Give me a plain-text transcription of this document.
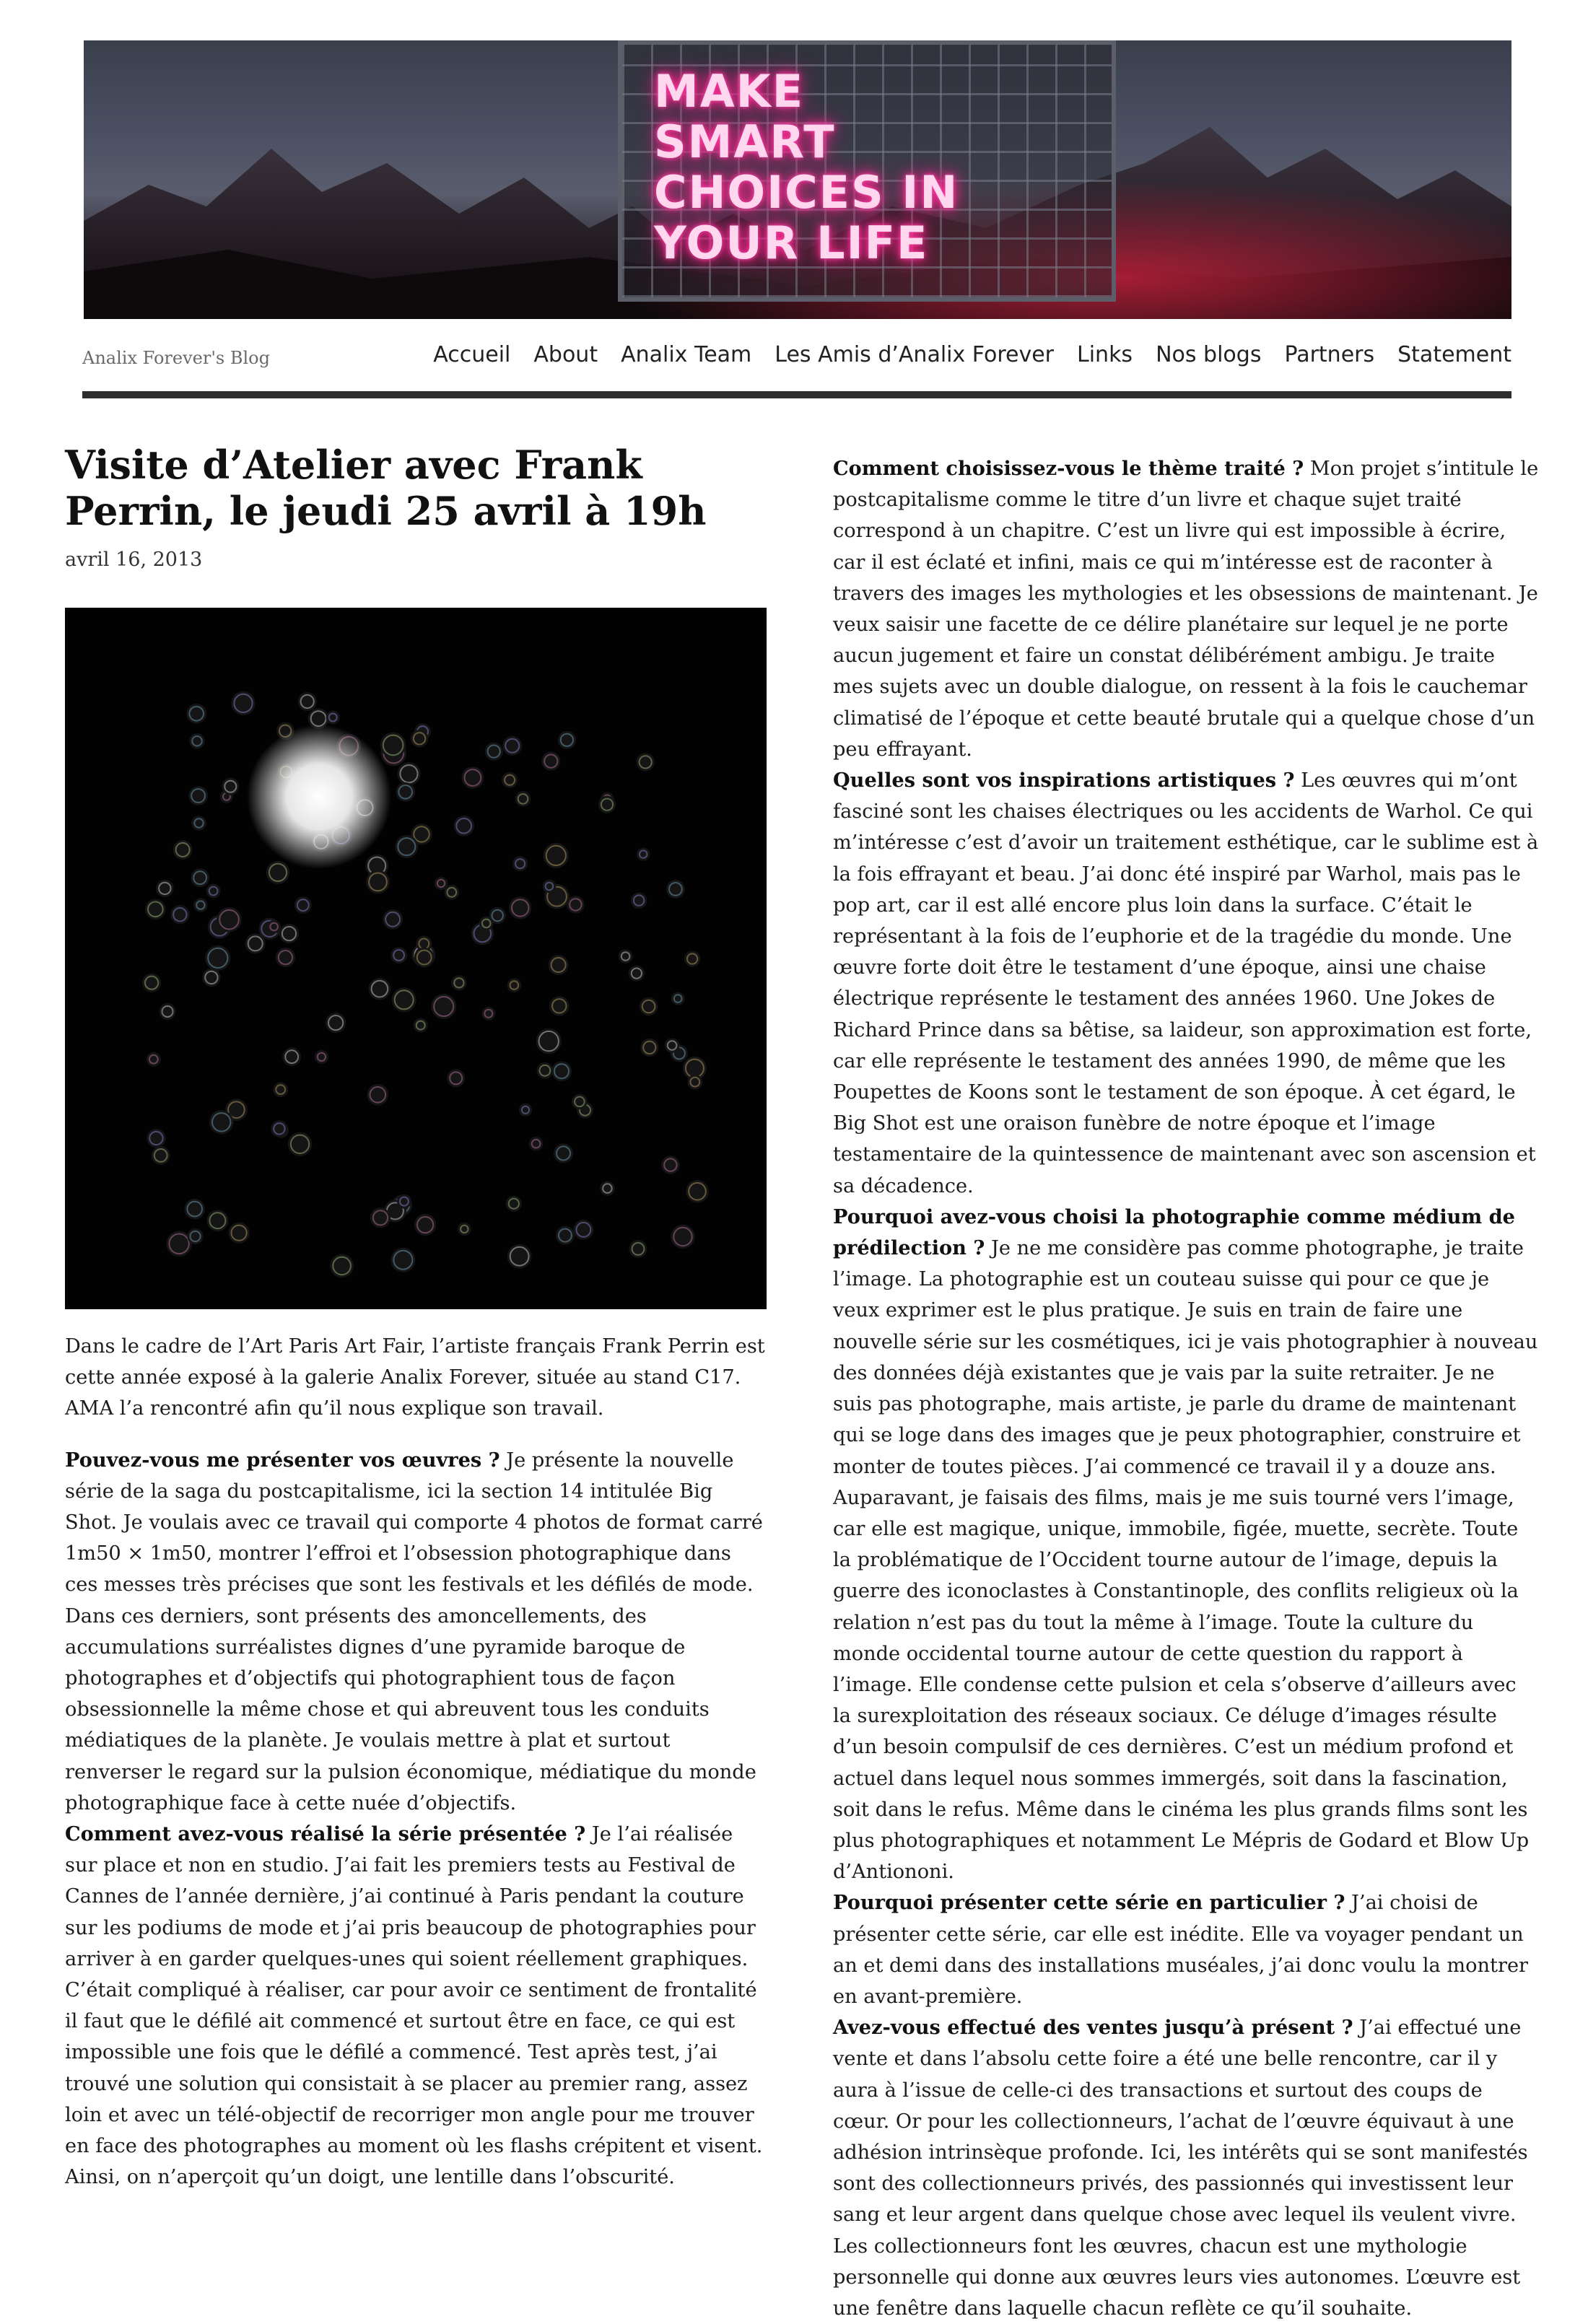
MAKE
SMART
CHOICES IN
YOUR LIFE
Analix Forever's Blog	Accueil About Analix Team Les Amis d’Analix Forever Links Nos blogs Partners Statement
Visite d’Atelier avec Frank Perrin, le jeudi 25 avril à 19h
avril 16, 2013

Dans le cadre de l’Art Paris Art Fair, l’artiste français Frank Perrin est cette année exposé à la galerie Analix Forever, située au stand C17. AMA l’a rencontré afin qu’il nous explique son travail.

Pouvez-vous me présenter vos œuvres ? Je présente la nouvelle série de la saga du postcapitalisme, ici la section 14 intitulée Big Shot. Je voulais avec ce travail qui comporte 4 photos de format carré 1m50 × 1m50, montrer l’effroi et l’obsession photographique dans ces messes très précises que sont les festivals et les défilés de mode. Dans ces derniers, sont présents des amoncellements, des accumulations surréalistes dignes d’une pyramide baroque de photographes et d’objectifs qui photographient tous de façon obsessionnelle la même chose et qui abreuvent tous les conduits médiatiques de la planète. Je voulais mettre à plat et surtout renverser le regard sur la pulsion économique, médiatique du monde photographique face à cette nuée d’objectifs.

Comment avez-vous réalisé la série présentée ? Je l’ai réalisée sur place et non en studio. J’ai fait les premiers tests au Festival de Cannes de l’année dernière, j’ai continué à Paris pendant la couture sur les podiums de mode et j’ai pris beaucoup de photographies pour arriver à en garder quelques-unes qui soient réellement graphiques. C’était compliqué à réaliser, car pour avoir ce sentiment de frontalité il faut que le défilé ait commencé et surtout être en face, ce qui est impossible une fois que le défilé a commencé. Test après test, j’ai trouvé une solution qui consistait à se placer au premier rang, assez loin et avec un télé-objectif de recorriger mon angle pour me trouver en face des photographes au moment où les flashs crépitent et visent. Ainsi, on n’aperçoit qu’un doigt, une lentille dans l’obscurité.

Comment choisissez-vous le thème traité ? Mon projet s’intitule le postcapitalisme comme le titre d’un livre et chaque sujet traité correspond à un chapitre. C’est un livre qui est impossible à écrire, car il est éclaté et infini, mais ce qui m’intéresse est de raconter à travers des images les mythologies et les obsessions de maintenant. Je veux saisir une facette de ce délire planétaire sur lequel je ne porte aucun jugement et faire un constat délibérément ambigu. Je traite mes sujets avec un double dialogue, on ressent à la fois le cauchemar climatisé de l’époque et cette beauté brutale qui a quelque chose d’un peu effrayant.

Quelles sont vos inspirations artistiques ? Les œuvres qui m’ont fasciné sont les chaises électriques ou les accidents de Warhol. Ce qui m’intéresse c’est d’avoir un traitement esthétique, car le sublime est à la fois effrayant et beau. J’ai donc été inspiré par Warhol, mais pas le pop art, car il est allé encore plus loin dans la surface. C’était le représentant à la fois de l’euphorie et de la tragédie du monde. Une œuvre forte doit être le testament d’une époque, ainsi une chaise électrique représente le testament des années 1960. Une Jokes de Richard Prince dans sa bêtise, sa laideur, son approximation est forte, car elle représente le testament des années 1990, de même que les Poupettes de Koons sont le testament de son époque. À cet égard, le Big Shot est une oraison funèbre de notre époque et l’image testamentaire de la quintessence de maintenant avec son ascension et sa décadence.

Pourquoi avez-vous choisi la photographie comme médium de prédilection ? Je ne me considère pas comme photographe, je traite l’image. La photographie est un couteau suisse qui pour ce que je veux exprimer est le plus pratique. Je suis en train de faire une nouvelle série sur les cosmétiques, ici je vais photographier à nouveau des données déjà existantes que je vais par la suite retraiter. Je ne suis pas photographe, mais artiste, je parle du drame de maintenant qui se loge dans des images que je peux photographier, construire et monter de toutes pièces. J’ai commencé ce travail il y a douze ans. Auparavant, je faisais des films, mais je me suis tourné vers l’image, car elle est magique, unique, immobile, figée, muette, secrète. Toute la problématique de l’Occident tourne autour de l’image, depuis la guerre des iconoclastes à Constantinople, des conflits religieux où la relation n’est pas du tout la même à l’image. Toute la culture du monde occidental tourne autour de cette question du rapport à l’image. Elle condense cette pulsion et cela s’observe d’ailleurs avec la surexploitation des réseaux sociaux. Ce déluge d’images résulte d’un besoin compulsif de ces dernières. C’est un médium profond et actuel dans lequel nous sommes immergés, soit dans la fascination, soit dans le refus. Même dans le cinéma les plus grands films sont les plus photographiques et notamment Le Mépris de Godard et Blow Up d’Antiononi.

Pourquoi présenter cette série en particulier ? J’ai choisi de présenter cette série, car elle est inédite. Elle va voyager pendant un an et demi dans des installations muséales, j’ai donc voulu la montrer en avant-première.

Avez-vous effectué des ventes jusqu’à présent ? J’ai effectué une vente et dans l’absolu cette foire a été une belle rencontre, car il y aura à l’issue de celle-ci des transactions et surtout des coups de cœur. Or pour les collectionneurs, l’achat de l’œuvre équivaut à une adhésion intrinsèque profonde. Ici, les intérêts qui se sont manifestés sont des collectionneurs privés, des passionnés qui investissent leur sang et leur argent dans quelque chose avec lequel ils veulent vivre. Les collectionneurs font les œuvres, chacun est une mythologie personnelle qui donne aux œuvres leurs vies autonomes. L’œuvre est une fenêtre dans laquelle chacun reflète ce qu’il souhaite.
